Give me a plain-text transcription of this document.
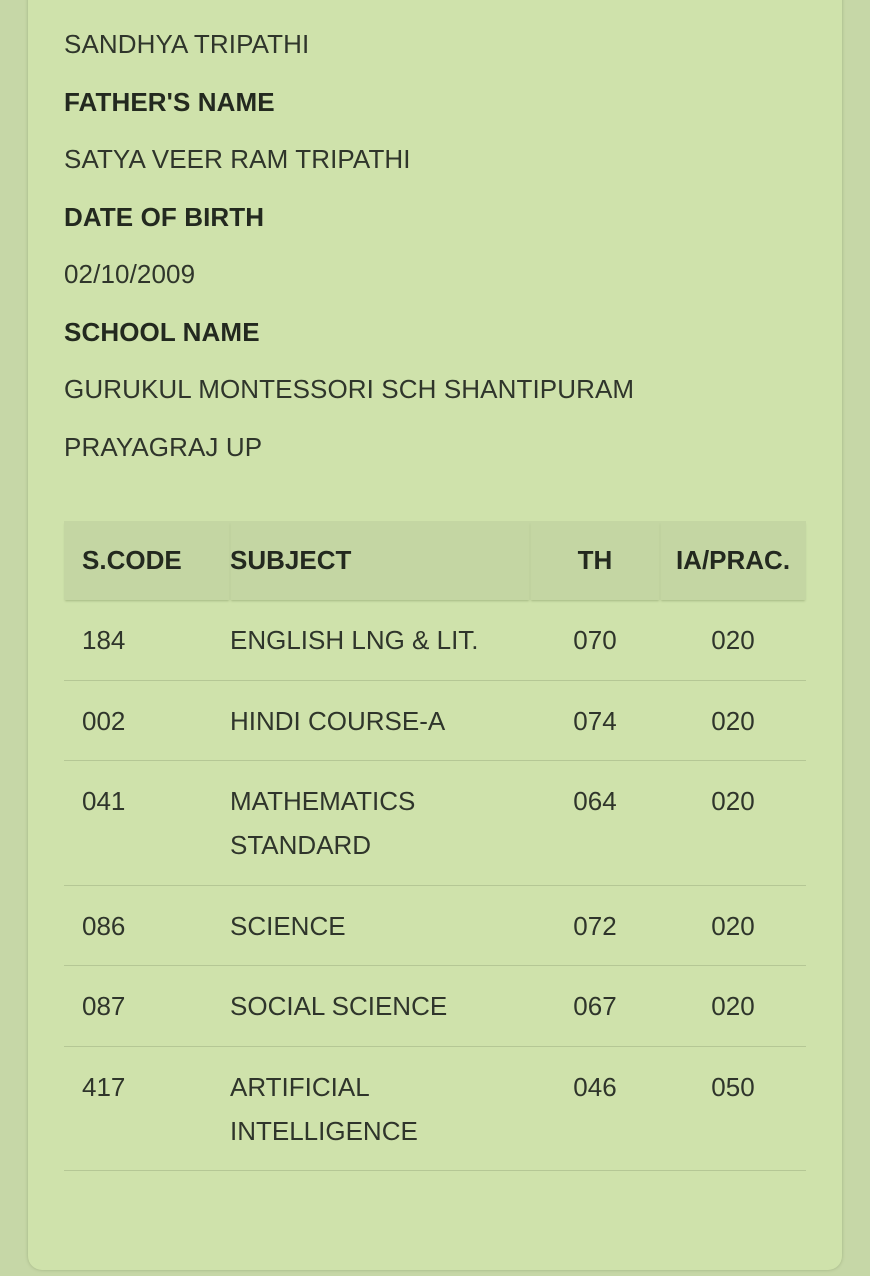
SANDHYA TRIPATHI
FATHER'S NAME
SATYA VEER RAM TRIPATHI
DATE OF BIRTH
02/10/2009
SCHOOL NAME
GURUKUL MONTESSORI SCH SHANTIPURAM
PRAYAGRAJ UP
S.CODE	SUBJECT	TH	IA/PRAC.
184	ENGLISH LNG & LIT.	070	020
002	HINDI COURSE-A	074	020
041	MATHEMATICS STANDARD	064	020
086	SCIENCE	072	020
087	SOCIAL SCIENCE	067	020
417	ARTIFICIAL INTELLIGENCE	046	050
